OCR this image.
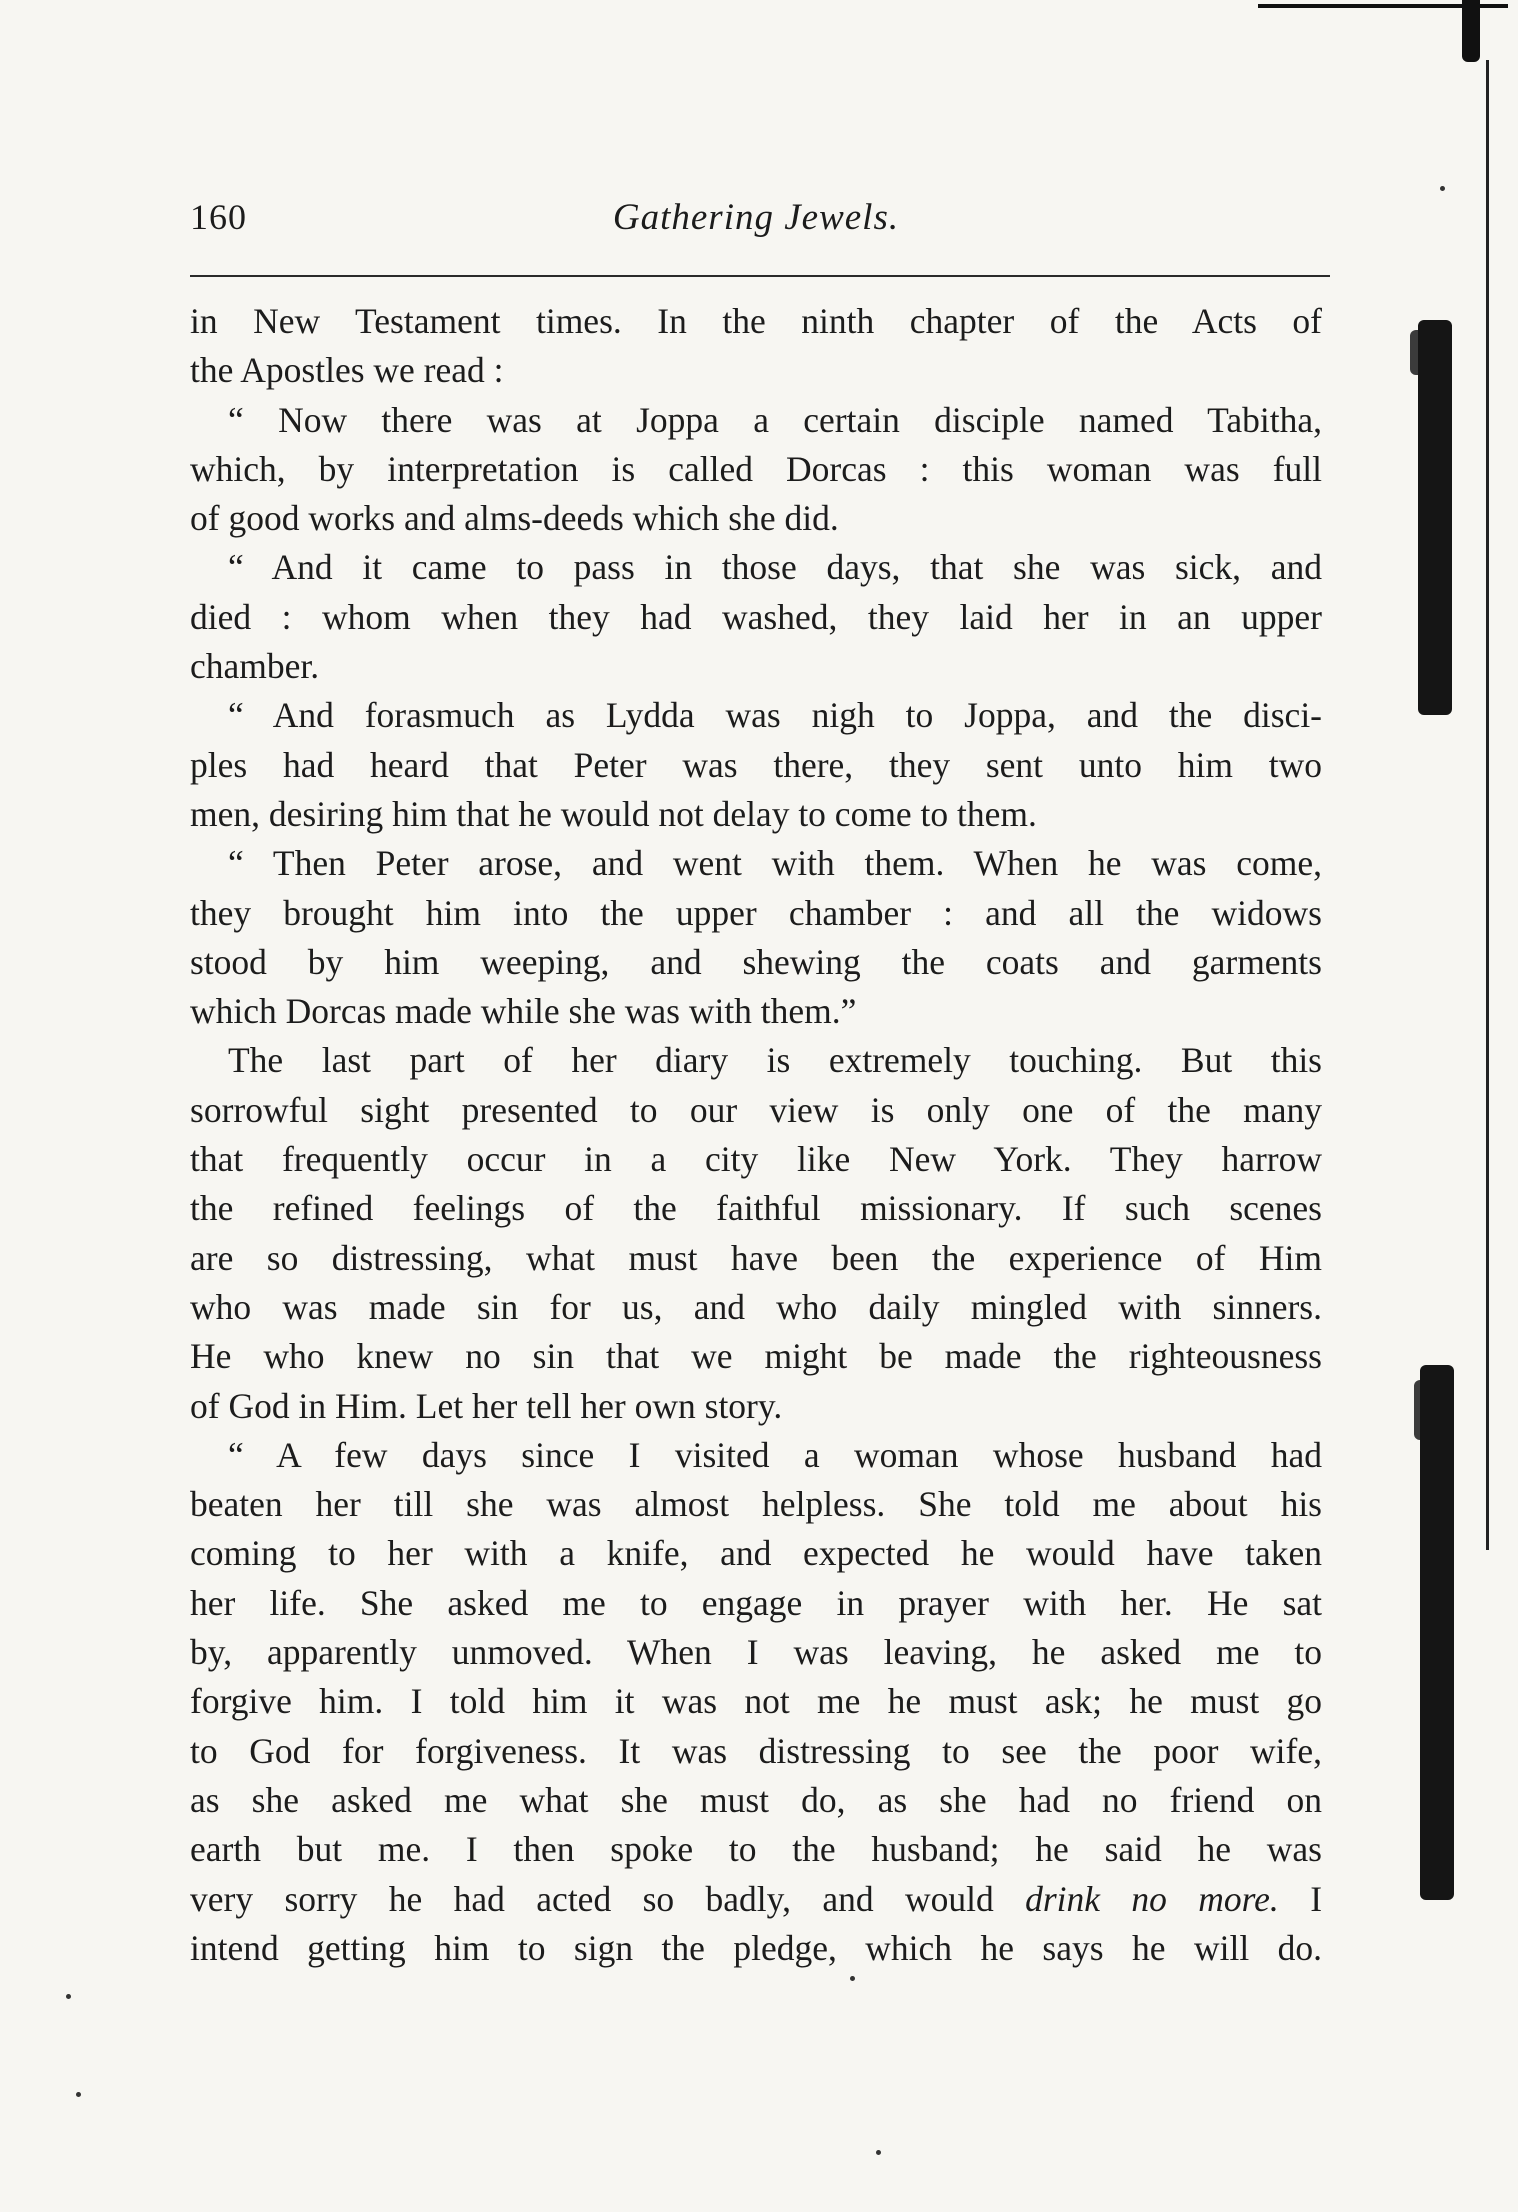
160	Gathering Jewels.
in New Testament times. In the ninth chapter of the Acts of
the Apostles we read :
“ Now there was at Joppa a certain disciple named Tabitha,
which, by interpretation is called Dorcas : this woman was full
of good works and alms-deeds which she did.
“ And it came to pass in those days, that she was sick, and
died : whom when they had washed, they laid her in an upper
chamber.
“ And forasmuch as Lydda was nigh to Joppa, and the disci-
ples had heard that Peter was there, they sent unto him two
men, desiring him that he would not delay to come to them.
“ Then Peter arose, and went with them. When he was come,
they brought him into the upper chamber : and all the widows
stood by him weeping, and shewing the coats and garments
which Dorcas made while she was with them.”
The last part of her diary is extremely touching. But this
sorrowful sight presented to our view is only one of the many
that frequently occur in a city like New York. They harrow
the refined feelings of the faithful missionary. If such scenes
are so distressing, what must have been the experience of Him
who was made sin for us, and who daily mingled with sinners.
He who knew no sin that we might be made the righteousness
of God in Him. Let her tell her own story.
“ A few days since I visited a woman whose husband had
beaten her till she was almost helpless. She told me about his
coming to her with a knife, and expected he would have taken
her life. She asked me to engage in prayer with her. He sat
by, apparently unmoved. When I was leaving, he asked me to
forgive him. I told him it was not me he must ask; he must go
to God for forgiveness. It was distressing to see the poor wife,
as she asked me what she must do, as she had no friend on
earth but me. I then spoke to the husband; he said he was
very sorry he had acted so badly, and would drink no more. I
intend getting him to sign the pledge, which he says he will do.
